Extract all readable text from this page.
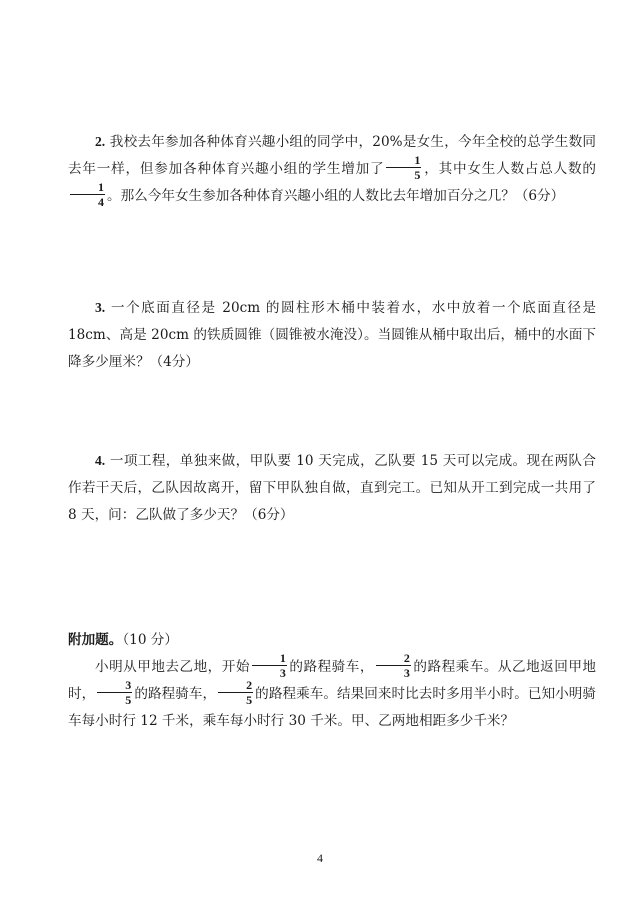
2. 我校去年参加各种体育兴趣小组的同学中，20%是女生，今年全校的总学生数同去年一样，但参加各种体育兴趣小组的学生增加了 $\frac{1}{5}$ ，其中女生人数占总人数的
$\frac{1}{4}$ 。那么今年女生参加各种体育兴趣小组的人数比去年增加百分之几？（6分）

3. 一个底面直径是 20cm 的圆柱形木桶中装着水，水中放着一个底面直径是 18cm、高是 20cm 的铁质圆锥（圆锥被水淹没）。当圆锥从桶中取出后，桶中的水面下降多少厘米？（4分）

4. 一项工程，单独来做，甲队要 10 天完成，乙队要 15 天可以完成。现在两队合作若干天后，乙队因故离开，留下甲队独自做，直到完工。已知从开工到完成一共用了 8 天，问：乙队做了多少天？（6分）

附加题。（10 分）

小明从甲地去乙地，开始 $\frac{1}{3}$ 的路程骑车， $\frac{2}{3}$ 的路程乘车。从乙地返回甲地时， $\frac{3}{5}$ 的路程骑车， $\frac{2}{5}$ 的路程乘车。结果回来时比去时多用半小时。已知小明骑车每小时行 12 千米，乘车每小时行 30 千米。甲、乙两地相距多少千米？

4
